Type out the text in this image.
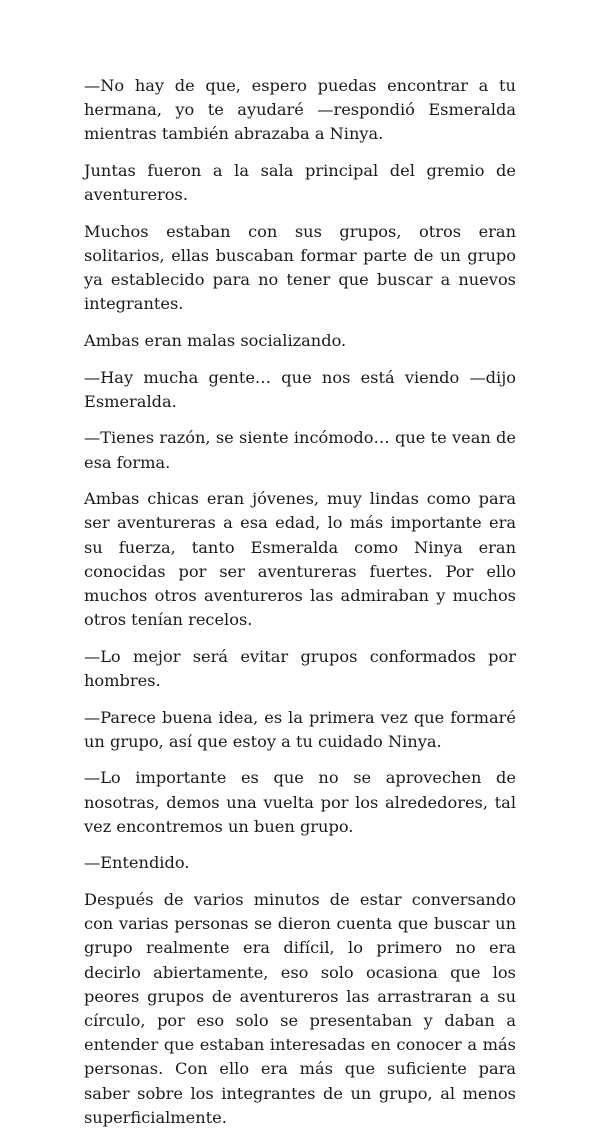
—No hay de que, espero puedas encontrar a tu hermana, yo te ayudaré —respondió Esmeralda mientras también abrazaba a Ninya.

Juntas fueron a la sala principal del gremio de aventureros.

Muchos estaban con sus grupos, otros eran solitarios, ellas buscaban formar parte de un grupo ya establecido para no tener que buscar a nuevos integrantes.

Ambas eran malas socializando.

—Hay mucha gente… que nos está viendo —dijo Esmeralda.

—Tienes razón, se siente incómodo… que te vean de esa forma.

Ambas chicas eran jóvenes, muy lindas como para ser aventureras a esa edad, lo más importante era su fuerza, tanto Esmeralda como Ninya eran conocidas por ser aventureras fuertes. Por ello muchos otros aventureros las admiraban y muchos otros tenían recelos.

—Lo mejor será evitar grupos conformados por hombres.

—Parece buena idea, es la primera vez que formaré un grupo, así que estoy a tu cuidado Ninya.

—Lo importante es que no se aprovechen de nosotras, demos una vuelta por los alrededores, tal vez encontremos un buen grupo.

—Entendido.

Después de varios minutos de estar conversando con varias personas se dieron cuenta que buscar un grupo realmente era difícil, lo primero no era decirlo abiertamente, eso solo ocasiona que los peores grupos de aventureros las arrastraran a su círculo, por eso solo se presentaban y daban a entender que estaban interesadas en conocer a más personas. Con ello era más que suficiente para saber sobre los integrantes de un grupo, al menos superficialmente.
